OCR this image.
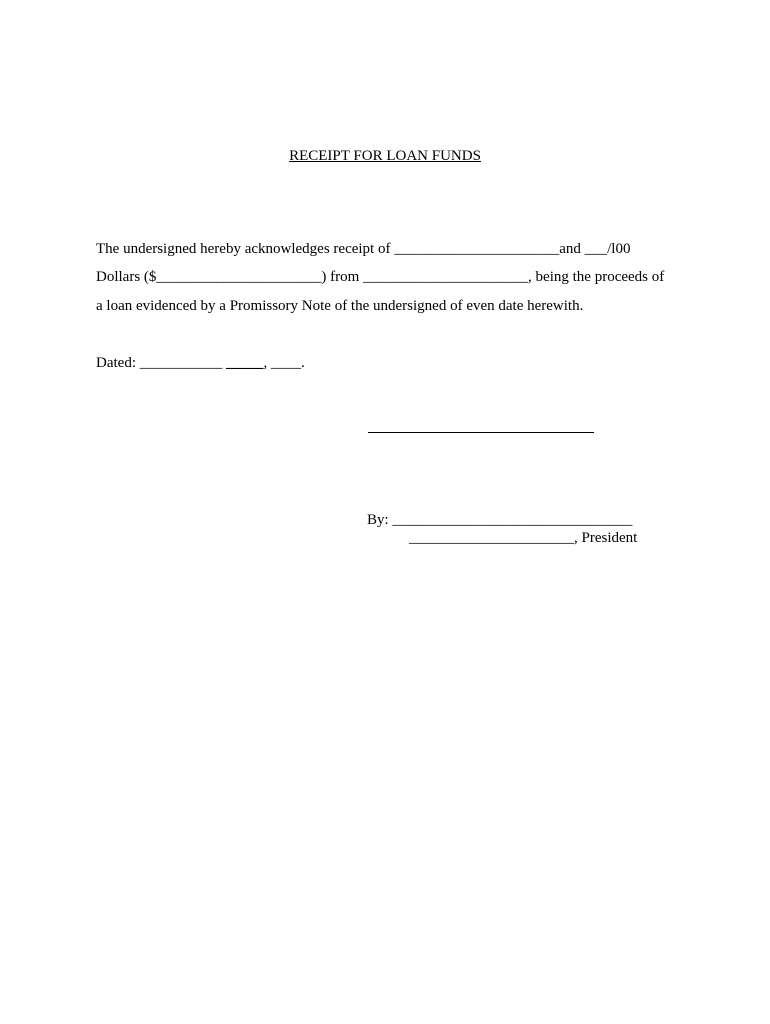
RECEIPT FOR LOAN FUNDS
The undersigned hereby acknowledges receipt of ______________________and ___/l00
Dollars ($______________________) from ______________________, being the proceeds of
a loan evidenced by a Promissory Note of the undersigned of even date herewith.
Dated: ___________ _____, ____.
By: ________________________________
______________________, President
